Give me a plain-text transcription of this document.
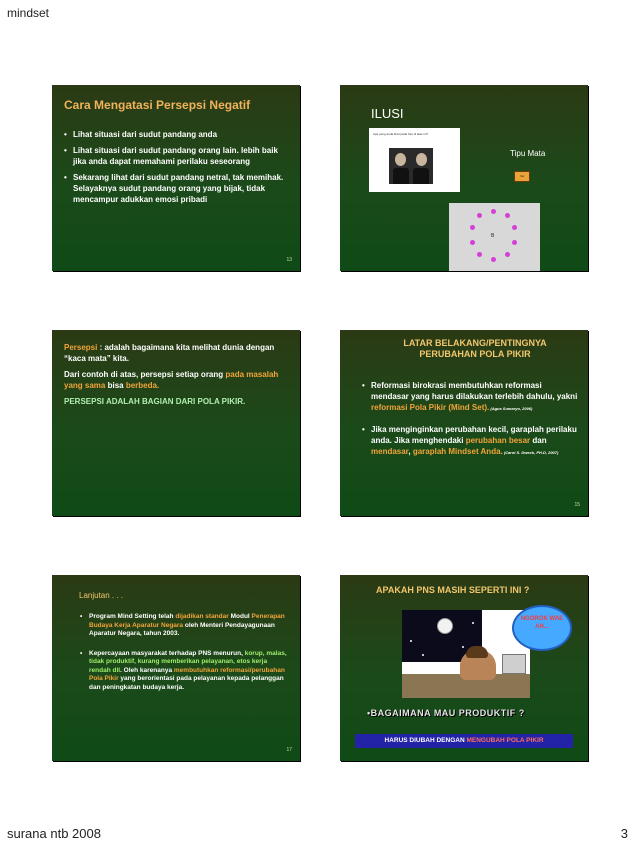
mindset
Cara Mengatasi Persepsi Negatif
• Lihat situasi dari sudut pandang anda
• Lihat situasi dari sudut pandang orang lain. lebih baik jika anda dapat memahami perilaku seseorang
• Sekarang lihat dari sudut pandang netral, tak memihak. Selayaknya sudut pandang orang yang bijak, tidak mencampur adukkan emosi pribadi
13
ILUSI
Apa yang anda lihat pada foto di atas ini?
Tipu Mata
hat
B

Persepsi : adalah bagaimana kita melihat dunia dengan “kaca mata” kita.

Dari contoh di atas, persepsi setiap orang pada masalah yang sama bisa berbeda.

PERSEPSI ADALAH BAGIAN DARI POLA PIKIR.

LATAR BELAKANG/PENTINGNYA
PERUBAHAN POLA PIKIR
• Reformasi birokrasi membutuhkan reformasi mendasar yang harus dilakukan terlebih dahulu, yakni reformasi Pola Pikir (Mind Set). (Agus Sumaryo, 2006)
• Jika menginginkan perubahan kecil, garaplah perilaku anda. Jika menghendaki perubahan besar dan mendasar, garaplah Mindset Anda. (Carol S. Dweck, PH.D, 2007)
15
Lanjutan . . .
• Program Mind Setting telah dijadikan standar Modul Penerapan Budaya Kerja Aparatur Negara oleh Menteri Pendayagunaan Aparatur Negara, tahun 2003.
• Kepercayaan masyarakat terhadap PNS menurun, korup, malas, tidak produktif, kurang memberikan pelayanan, etos kerja rendah dll. Oleh karenanya membutuhkan reformasi/perubahan Pola Pikir yang berorientasi pada pelayanan kepada pelanggan dan peningkatan budaya kerja.
17
APAKAH PNS MASIH SEPERTI INI ?
NGOROK WAE AH...
•BAGAIMANA MAU PRODUKTIF ?
HARUS DIUBAH DENGAN MENGUBAH POLA PIKIR
surana ntb 2008	3
